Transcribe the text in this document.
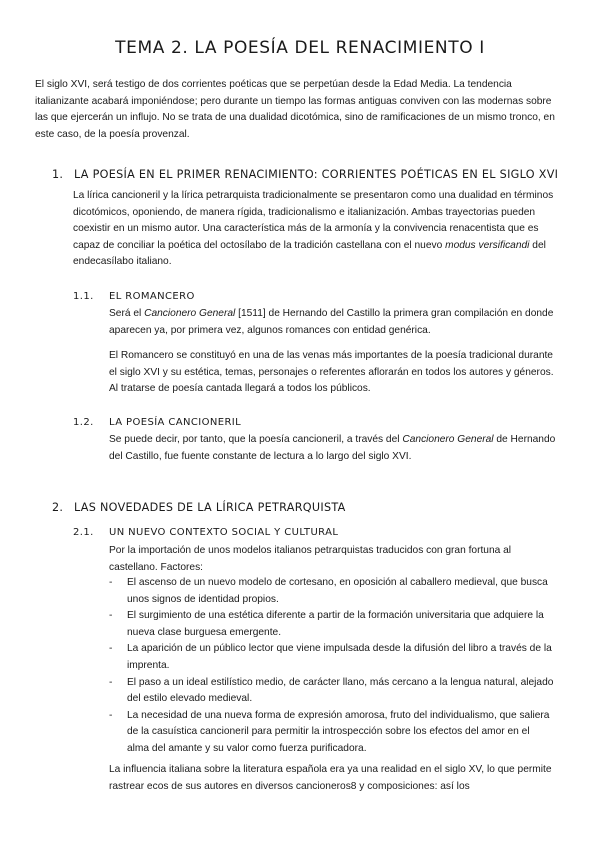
TEMA 2. LA POESÍA DEL RENACIMIENTO I

El siglo XVI, será testigo de dos corrientes poéticas que se perpetúan desde la Edad Media. La tendencia italianizante acabará imponiéndose; pero durante un tiempo las formas antiguas conviven con las modernas sobre las que ejercerán un influjo. No se trata de una dualidad dicotómica, sino de ramificaciones de un mismo tronco, en este caso, de la poesía provenzal.

1. LA POESÍA EN EL PRIMER RENACIMIENTO: CORRIENTES POÉTICAS EN EL SIGLO XVI

La lírica cancioneril y la lírica petrarquista tradicionalmente se presentaron como una dualidad en términos dicotómicos, oponiendo, de manera rígida, tradicionalismo e italianización. Ambas trayectorias pueden coexistir en un mismo autor. Una característica más de la armonía y la convivencia renacentista que es capaz de conciliar la poética del octosílabo de la tradición castellana con el nuevo modus versificandi del endecasílabo italiano.

1.1. EL ROMANCERO

Será el Cancionero General [1511] de Hernando del Castillo la primera gran compilación en donde aparecen ya, por primera vez, algunos romances con entidad genérica.

El Romancero se constituyó en una de las venas más importantes de la poesía tradicional durante el siglo XVI y su estética, temas, personajes o referentes aflorarán en todos los autores y géneros. Al tratarse de poesía cantada llegará a todos los públicos.

1.2. LA POESÍA CANCIONERIL

Se puede decir, por tanto, que la poesía cancioneril, a través del Cancionero General de Hernando del Castillo, fue fuente constante de lectura a lo largo del siglo XVI.

2. LAS NOVEDADES DE LA LÍRICA PETRARQUISTA
2.1. UN NUEVO CONTEXTO SOCIAL Y CULTURAL

Por la importación de unos modelos italianos petrarquistas traducidos con gran fortuna al castellano. Factores:

- El ascenso de un nuevo modelo de cortesano, en oposición al caballero medieval, que busca unos signos de identidad propios.
- El surgimiento de una estética diferente a partir de la formación universitaria que adquiere la nueva clase burguesa emergente.
- La aparición de un público lector que viene impulsada desde la difusión del libro a través de la imprenta.
- El paso a un ideal estilístico medio, de carácter llano, más cercano a la lengua natural, alejado del estilo elevado medieval.
- La necesidad de una nueva forma de expresión amorosa, fruto del individualismo, que saliera de la casuística cancioneril para permitir la introspección sobre los efectos del amor en el alma del amante y su valor como fuerza purificadora.

La influencia italiana sobre la literatura española era ya una realidad en el siglo XV, lo que permite rastrear ecos de sus autores en diversos cancioneros8 y composiciones: así los
